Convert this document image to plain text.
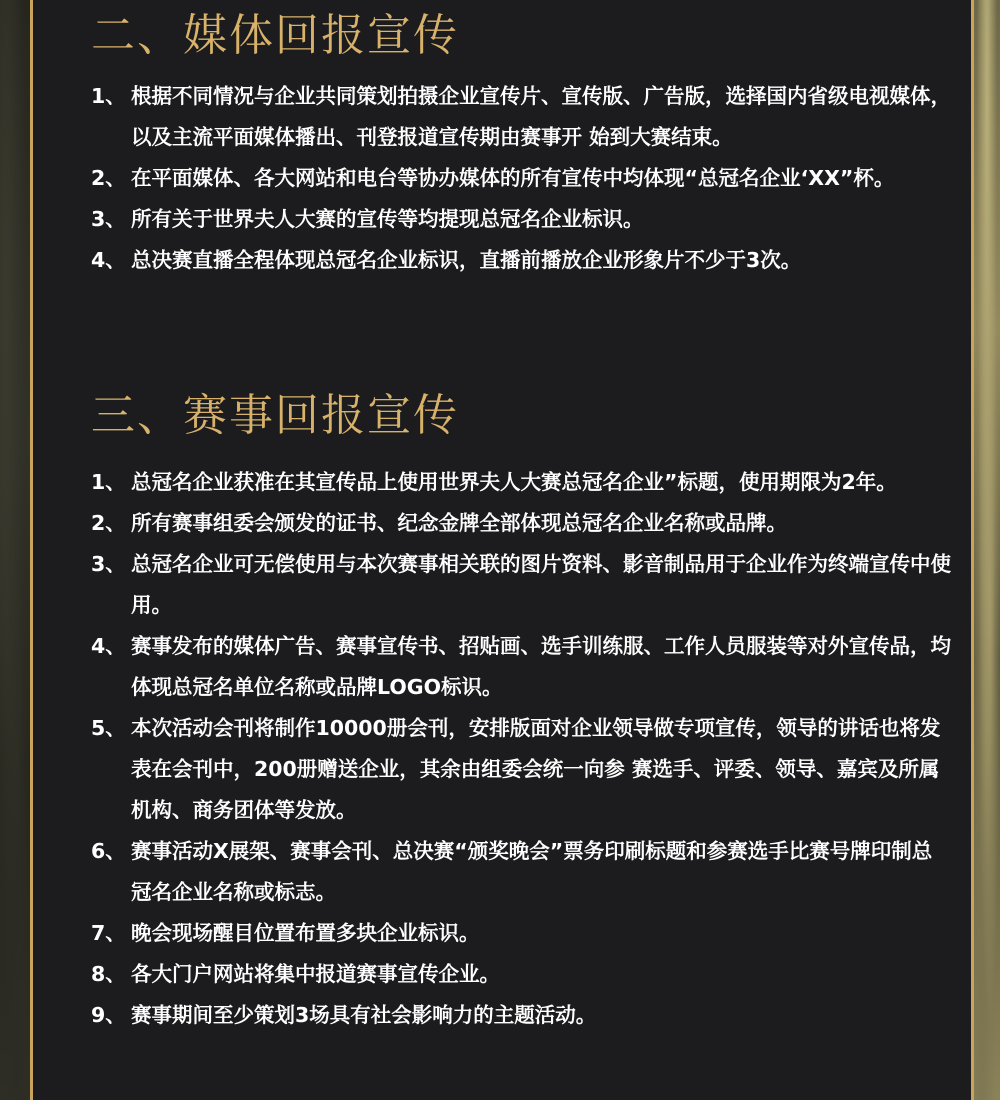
二、媒体回报宣传
1、 根据不同情况与企业共同策划拍摄企业宣传片、宣传版、广告版，选择国内省级电视媒体，以及主流平面媒体播出、刊登报道宣传期由赛事开 始到大赛结束。
2、 在平面媒体、各大网站和电台等协办媒体的所有宣传中均体现“总冠名企业‘XX”杯。
3、 所有关于世界夫人大赛的宣传等均提现总冠名企业标识。
4、 总决赛直播全程体现总冠名企业标识，直播前播放企业形象片不少于3次。
三、赛事回报宣传
1、 总冠名企业获准在其宣传品上使用世界夫人大赛总冠名企业”标题，使用期限为2年。
2、 所有赛事组委会颁发的证书、纪念金牌全部体现总冠名企业名称或品牌。
3、 总冠名企业可无偿使用与本次赛事相关联的图片资料、影音制品用于企业作为终端宣传中使用。
4、 赛事发布的媒体广告、赛事宣传书、招贴画、选手训练服、工作人员服装等对外宣传品，均体现总冠名单位名称或品牌LOGO标识。
5、 本次活动会刊将制作10000册会刊，安排版面对企业领导做专项宣传，领导的讲话也将发表在会刊中，200册赠送企业，其余由组委会统一向参 赛选手、评委、领导、嘉宾及所属机构、商务团体等发放。
6、 赛事活动X展架、赛事会刊、总决赛“颁奖晚会”票务印刷标题和参赛选手比赛号牌印制总冠名企业名称或标志。
7、 晚会现场醒目位置布置多块企业标识。
8、 各大门户网站将集中报道赛事宣传企业。
9、 赛事期间至少策划3场具有社会影响力的主题活动。
